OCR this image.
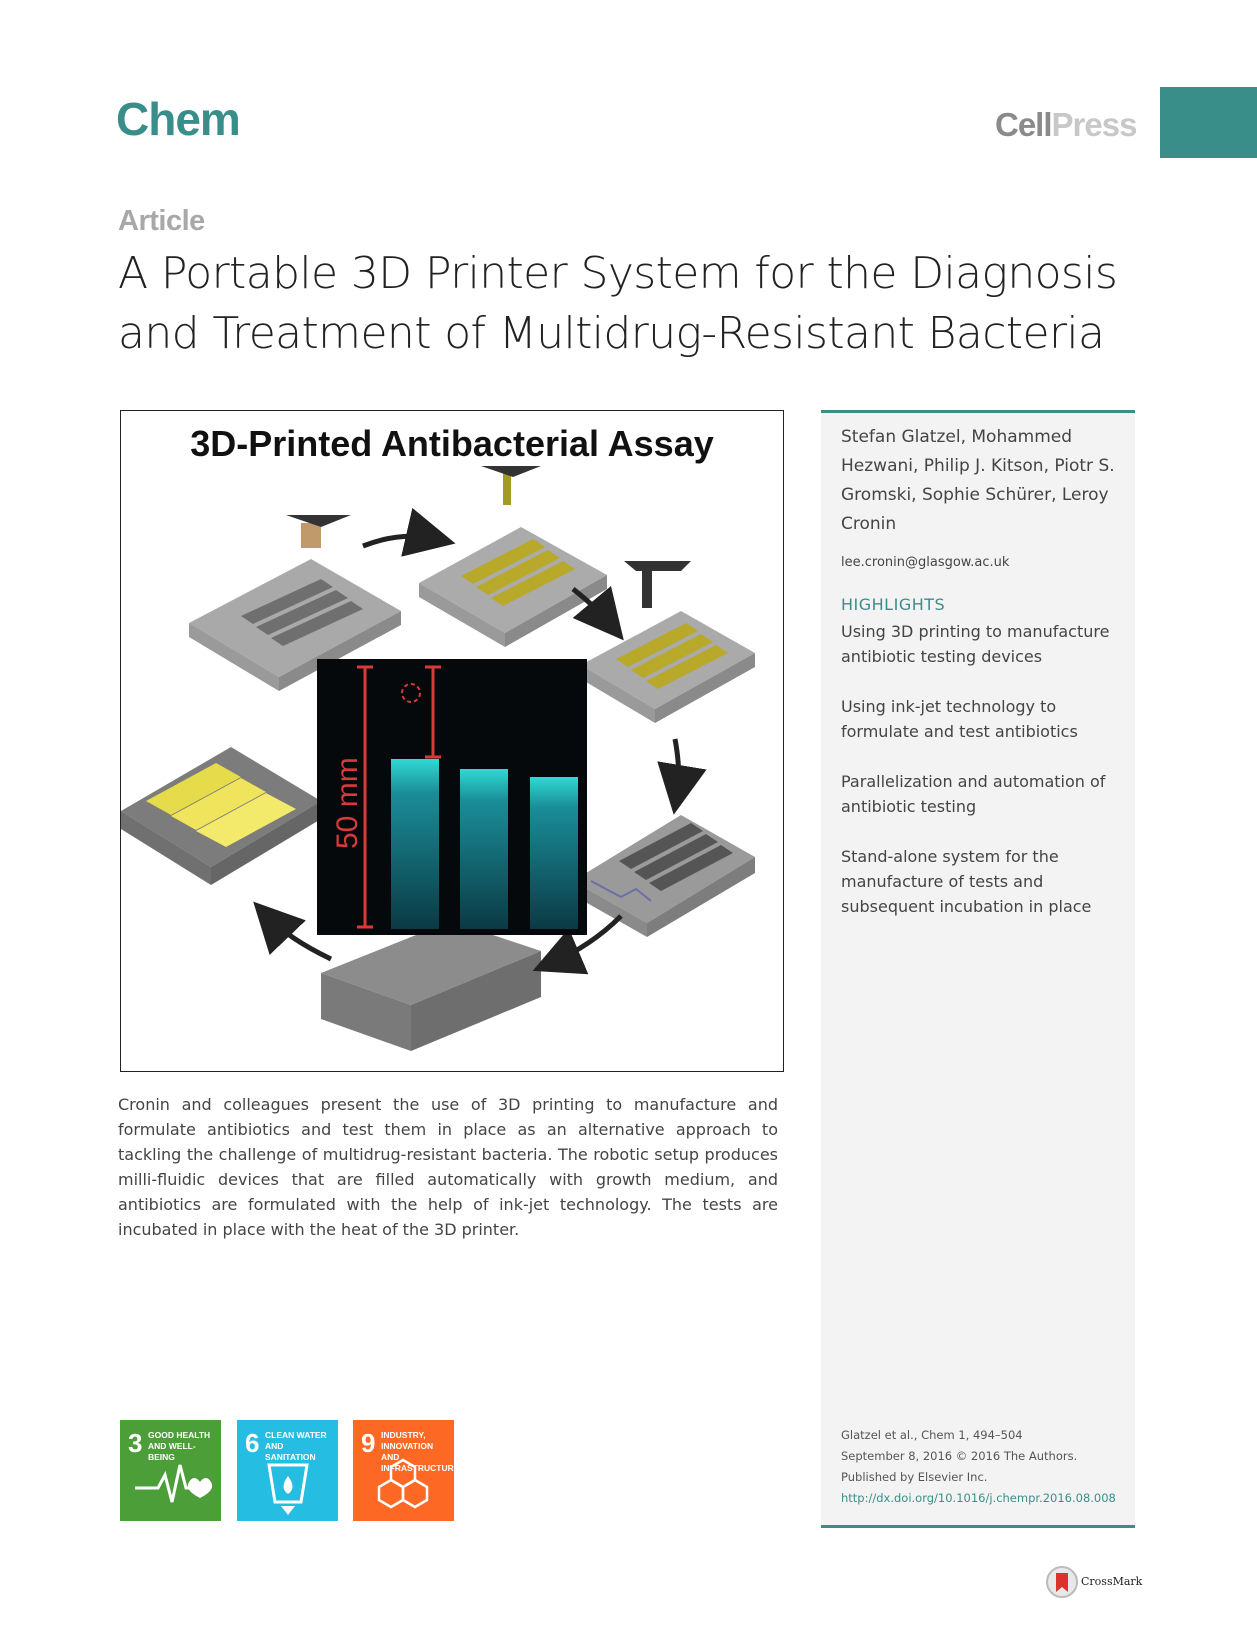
Chem	CellPress
Article
A Portable 3D Printer System for the Diagnosis and Treatment of Multidrug-Resistant Bacteria
50 mm
3D-Printed Antibacterial Assay
Cronin and colleagues present the use of 3D printing to manufacture and formulate antibiotics and test them in place as an alternative approach to tackling the challenge of multidrug-resistant bacteria. The robotic setup produces milli-fluidic devices that are filled automatically with growth medium, and antibiotics are formulated with the help of ink-jet technology. The tests are incubated in place with the heat of the 3D printer.
Stefan Glatzel, Mohammed Hezwani, Philip J. Kitson, Piotr S. Gromski, Sophie Schürer, Leroy Cronin
lee.cronin@glasgow.ac.uk
HIGHLIGHTS
Using 3D printing to manufacture antibiotic testing devices
Using ink-jet technology to formulate and test antibiotics
Parallelization and automation of antibiotic testing
Stand-alone system for the manufacture of tests and subsequent incubation in place
Glatzel et al., Chem 1, 494–504
September 8, 2016 © 2016 The Authors.
Published by Elsevier Inc.
http://dx.doi.org/10.1016/j.chempr.2016.08.008
3 GOOD HEALTH AND WELL-BEING	6 CLEAN WATER AND SANITATION	9 INDUSTRY, INNOVATION AND INFRASTRUCTURE
CrossMark
